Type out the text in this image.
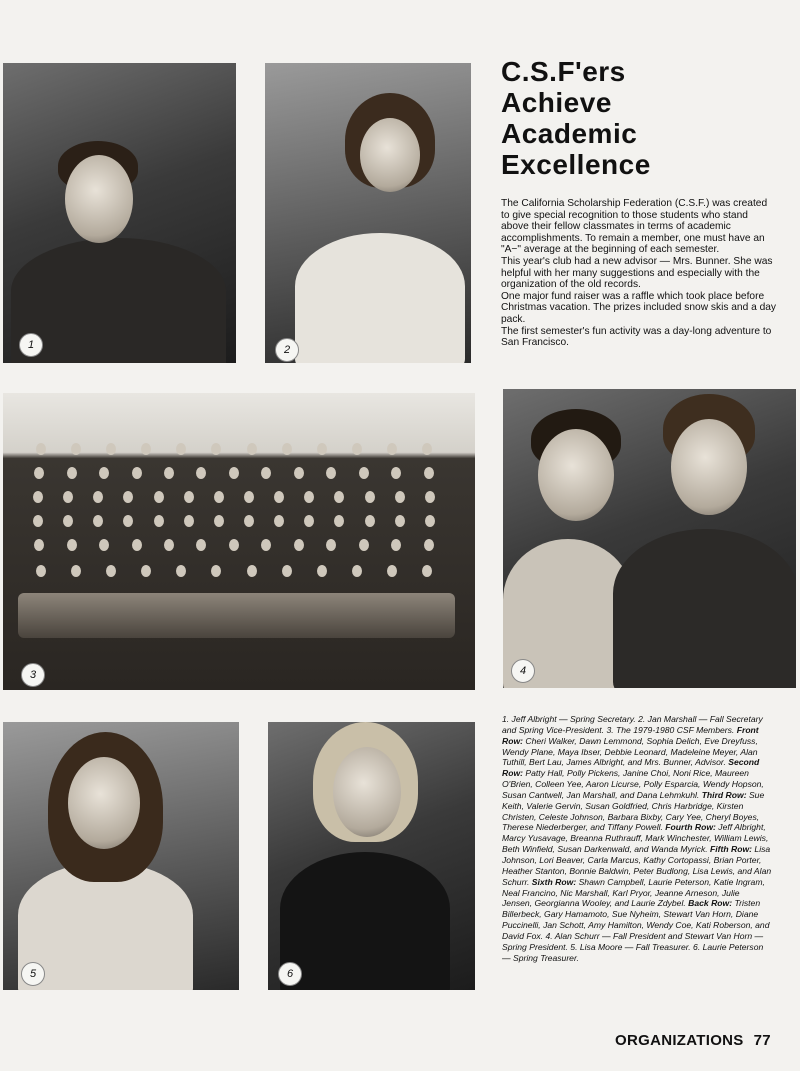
1	2
C.S.F'ers
Achieve
Academic
Excellence

The California Scholarship Federation (C.S.F.) was created to give special recognition to those students who stand above their fellow classmates in terms of academic accomplishments. To remain a member, one must have an "A−" average at the beginning of each semester.

This year's club had a new advisor — Mrs. Bunner. She was helpful with her many suggestions and especially with the organization of the old records.

One major fund raiser was a raffle which took place before Christmas vacation. The prizes included snow skis and a day pack.

The first semester's fun activity was a day-long adventure to San Francisco.

3	4
5	6

1. Jeff Albright — Spring Secretary. 2. Jan Marshall — Fall Secretary and Spring Vice-President. 3. The 1979-1980 CSF Members. Front Row: Cheri Walker, Dawn Lemmond, Sophia Delich, Eve Dreyfuss, Wendy Plane, Maya Ibser, Debbie Leonard, Madeleine Meyer, Alan Tuthill, Bert Lau, James Albright, and Mrs. Bunner, Advisor. Second Row: Patty Hall, Polly Pickens, Janine Choi, Noni Rice, Maureen O'Brien, Colleen Yee, Aaron Licurse, Polly Esparcia, Wendy Hopson, Susan Cantwell, Jan Marshall, and Dana Lehmkuhl. Third Row: Sue Keith, Valerie Gervin, Susan Goldfried, Chris Harbridge, Kirsten Christen, Celeste Johnson, Barbara Bixby, Cary Yee, Cheryl Boyes, Therese Niederberger, and Tiffany Powell. Fourth Row: Jeff Albright, Marcy Yusavage, Breanna Ruthrauff, Mark Winchester, William Lewis, Beth Winfield, Susan Darkenwald, and Wanda Myrick. Fifth Row: Lisa Johnson, Lori Beaver, Carla Marcus, Kathy Cortopassi, Brian Porter, Heather Stanton, Bonnie Baldwin, Peter Budlong, Lisa Lewis, and Alan Schurr. Sixth Row: Shawn Campbell, Laurie Peterson, Katie Ingram, Neal Francino, Nic Marshall, Karl Pryor, Jeanne Arneson, Julie Jensen, Georgianna Wooley, and Laurie Zdybel. Back Row: Tristen Billerbeck, Gary Hamamoto, Sue Nyheim, Stewart Van Horn, Diane Puccinelli, Jan Schott, Amy Hamilton, Wendy Coe, Kati Roberson, and David Fox. 4. Alan Schurr — Fall President and Stewart Van Horn — Spring President. 5. Lisa Moore — Fall Treasurer. 6. Laurie Peterson — Spring Treasurer.

ORGANIZATIONS 77
